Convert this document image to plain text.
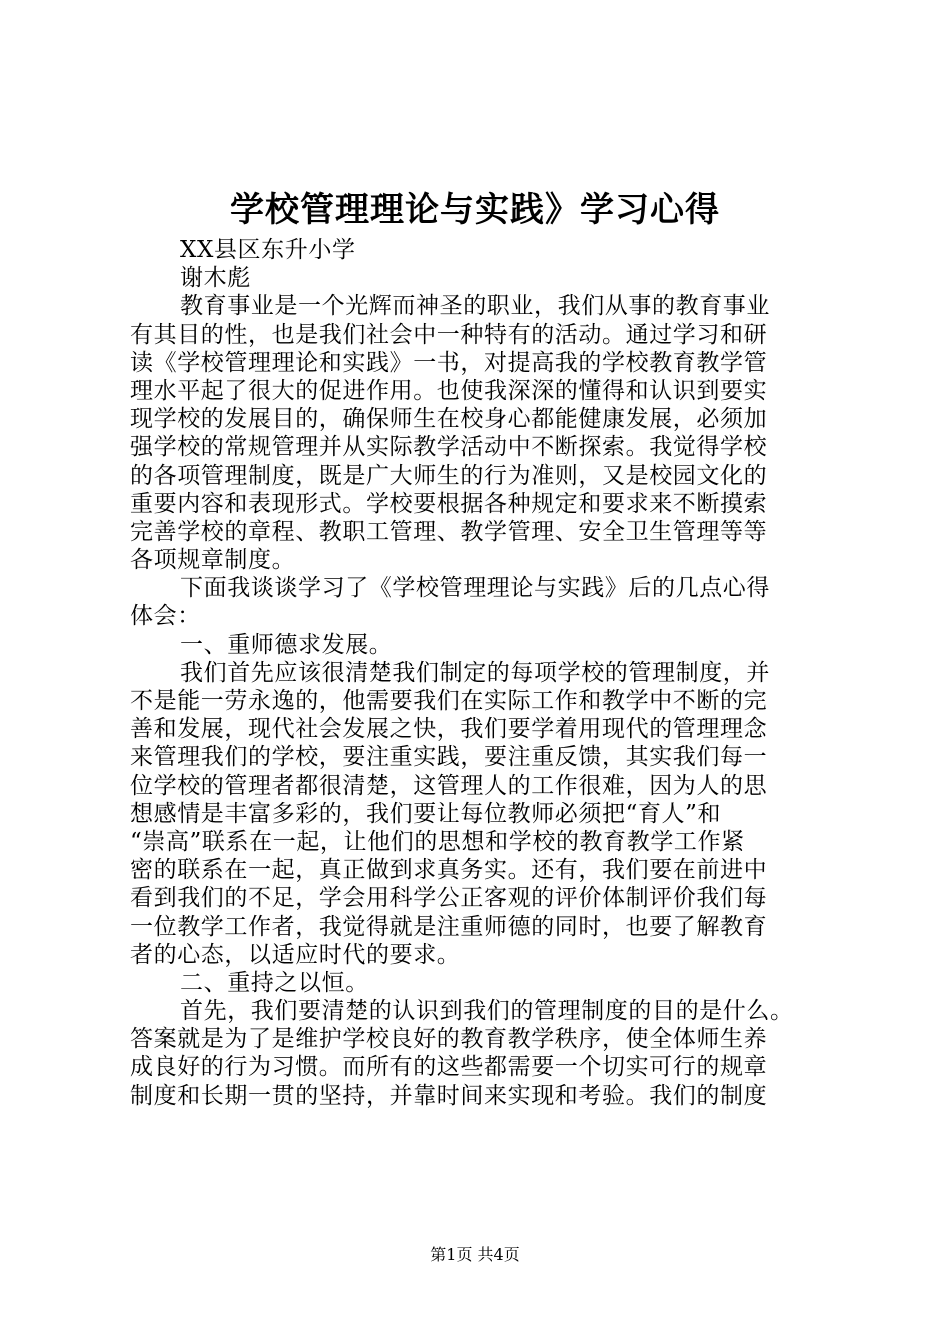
学校管理理论与实践》学习心得
XX县区东升小学
谢木彪
教育事业是一个光辉而神圣的职业，我们从事的教育事业
有其目的性，也是我们社会中一种特有的活动。通过学习和研
读《学校管理理论和实践》一书，对提高我的学校教育教学管
理水平起了很大的促进作用。也使我深深的懂得和认识到要实
现学校的发展目的，确保师生在校身心都能健康发展，必须加
强学校的常规管理并从实际教学活动中不断探索。我觉得学校
的各项管理制度，既是广大师生的行为准则，又是校园文化的
重要内容和表现形式。学校要根据各种规定和要求来不断摸索
完善学校的章程、教职工管理、教学管理、安全卫生管理等等
各项规章制度。
下面我谈谈学习了《学校管理理论与实践》后的几点心得
体会：
一、重师德求发展。
我们首先应该很清楚我们制定的每项学校的管理制度，并
不是能一劳永逸的，他需要我们在实际工作和教学中不断的完
善和发展，现代社会发展之快，我们要学着用现代的管理理念
来管理我们的学校，要注重实践，要注重反馈，其实我们每一
位学校的管理者都很清楚，这管理人的工作很难，因为人的思
想感情是丰富多彩的，我们要让每位教师必须把“育人”和
“崇高”联系在一起，让他们的思想和学校的教育教学工作紧
密的联系在一起，真正做到求真务实。还有，我们要在前进中
看到我们的不足，学会用科学公正客观的评价体制评价我们每
一位教学工作者，我觉得就是注重师德的同时，也要了解教育
者的心态，以适应时代的要求。
二、重持之以恒。
首先，我们要清楚的认识到我们的管理制度的目的是什么。
答案就是为了是维护学校良好的教育教学秩序，使全体师生养
成良好的行为习惯。而所有的这些都需要一个切实可行的规章
制度和长期一贯的坚持，并靠时间来实现和考验。我们的制度
第1页 共4页
